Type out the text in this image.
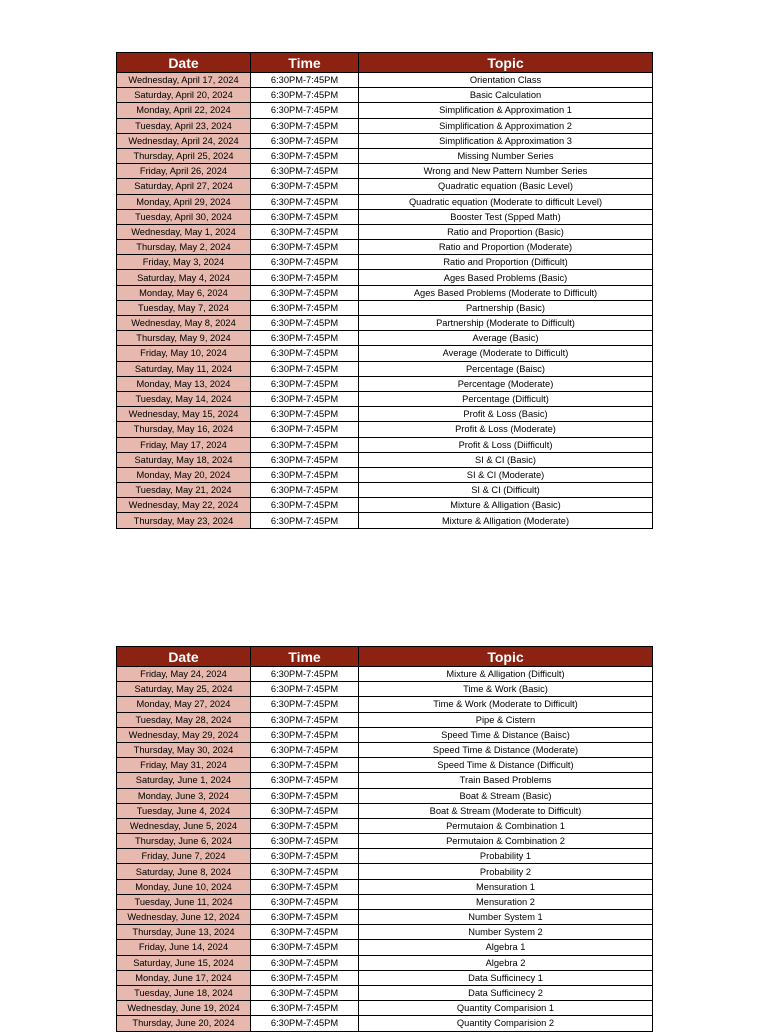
Date	Time	Topic
Wednesday, April 17, 2024	6:30PM-7:45PM	Orientation Class
Saturday, April 20, 2024	6:30PM-7:45PM	Basic Calculation
Monday, April 22, 2024	6:30PM-7:45PM	Simplification & Approximation 1
Tuesday, April 23, 2024	6:30PM-7:45PM	Simplification & Approximation 2
Wednesday, April 24, 2024	6:30PM-7:45PM	Simplification & Approximation 3
Thursday, April 25, 2024	6:30PM-7:45PM	Missing Number Series
Friday, April 26, 2024	6:30PM-7:45PM	Wrong and New Pattern Number Series
Saturday, April 27, 2024	6:30PM-7:45PM	Quadratic equation (Basic Level)
Monday, April 29, 2024	6:30PM-7:45PM	Quadratic equation (Moderate to difficult Level)
Tuesday, April 30, 2024	6:30PM-7:45PM	Booster Test (Spped Math)
Wednesday, May 1, 2024	6:30PM-7:45PM	Ratio and Proportion (Basic)
Thursday, May 2, 2024	6:30PM-7:45PM	Ratio and Proportion (Moderate)
Friday, May 3, 2024	6:30PM-7:45PM	Ratio and Proportion (Difficult)
Saturday, May 4, 2024	6:30PM-7:45PM	Ages Based Problems (Basic)
Monday, May 6, 2024	6:30PM-7:45PM	Ages Based Problems (Moderate to Difficult)
Tuesday, May 7, 2024	6:30PM-7:45PM	Partnership (Basic)
Wednesday, May 8, 2024	6:30PM-7:45PM	Partnership (Moderate to Difficult)
Thursday, May 9, 2024	6:30PM-7:45PM	Average (Basic)
Friday, May 10, 2024	6:30PM-7:45PM	Average (Moderate to Difficult)
Saturday, May 11, 2024	6:30PM-7:45PM	Percentage (Baisc)
Monday, May 13, 2024	6:30PM-7:45PM	Percentage (Moderate)
Tuesday, May 14, 2024	6:30PM-7:45PM	Percentage (Difficult)
Wednesday, May 15, 2024	6:30PM-7:45PM	Profit & Loss (Basic)
Thursday, May 16, 2024	6:30PM-7:45PM	Profit & Loss (Moderate)
Friday, May 17, 2024	6:30PM-7:45PM	Profit & Loss (Diifficult)
Saturday, May 18, 2024	6:30PM-7:45PM	SI & CI (Basic)
Monday, May 20, 2024	6:30PM-7:45PM	SI & CI (Moderate)
Tuesday, May 21, 2024	6:30PM-7:45PM	SI & CI (Difficult)
Wednesday, May 22, 2024	6:30PM-7:45PM	Mixture & Alligation (Basic)
Thursday, May 23, 2024	6:30PM-7:45PM	Mixture & Alligation (Moderate)
Date	Time	Topic
Friday, May 24, 2024	6:30PM-7:45PM	Mixture & Alligation (Difficult)
Saturday, May 25, 2024	6:30PM-7:45PM	Time & Work (Basic)
Monday, May 27, 2024	6:30PM-7:45PM	Time & Work (Moderate to Difficult)
Tuesday, May 28, 2024	6:30PM-7:45PM	Pipe & Cistern
Wednesday, May 29, 2024	6:30PM-7:45PM	Speed Time & Distance (Baisc)
Thursday, May 30, 2024	6:30PM-7:45PM	Speed Time & Distance (Moderate)
Friday, May 31, 2024	6:30PM-7:45PM	Speed Time & Distance (Difficult)
Saturday, June 1, 2024	6:30PM-7:45PM	Train Based Problems
Monday, June 3, 2024	6:30PM-7:45PM	Boat & Stream (Basic)
Tuesday, June 4, 2024	6:30PM-7:45PM	Boat & Stream (Moderate to Difficult)
Wednesday, June 5, 2024	6:30PM-7:45PM	Permutaion & Combination 1
Thursday, June 6, 2024	6:30PM-7:45PM	Permutaion & Combination 2
Friday, June 7, 2024	6:30PM-7:45PM	Probability 1
Saturday, June 8, 2024	6:30PM-7:45PM	Probability 2
Monday, June 10, 2024	6:30PM-7:45PM	Mensuration 1
Tuesday, June 11, 2024	6:30PM-7:45PM	Mensuration 2
Wednesday, June 12, 2024	6:30PM-7:45PM	Number System 1
Thursday, June 13, 2024	6:30PM-7:45PM	Number System 2
Friday, June 14, 2024	6:30PM-7:45PM	Algebra 1
Saturday, June 15, 2024	6:30PM-7:45PM	Algebra 2
Monday, June 17, 2024	6:30PM-7:45PM	Data Sufficinecy 1
Tuesday, June 18, 2024	6:30PM-7:45PM	Data Sufficinecy 2
Wednesday, June 19, 2024	6:30PM-7:45PM	Quantity Comparision 1
Thursday, June 20, 2024	6:30PM-7:45PM	Quantity Comparision 2
